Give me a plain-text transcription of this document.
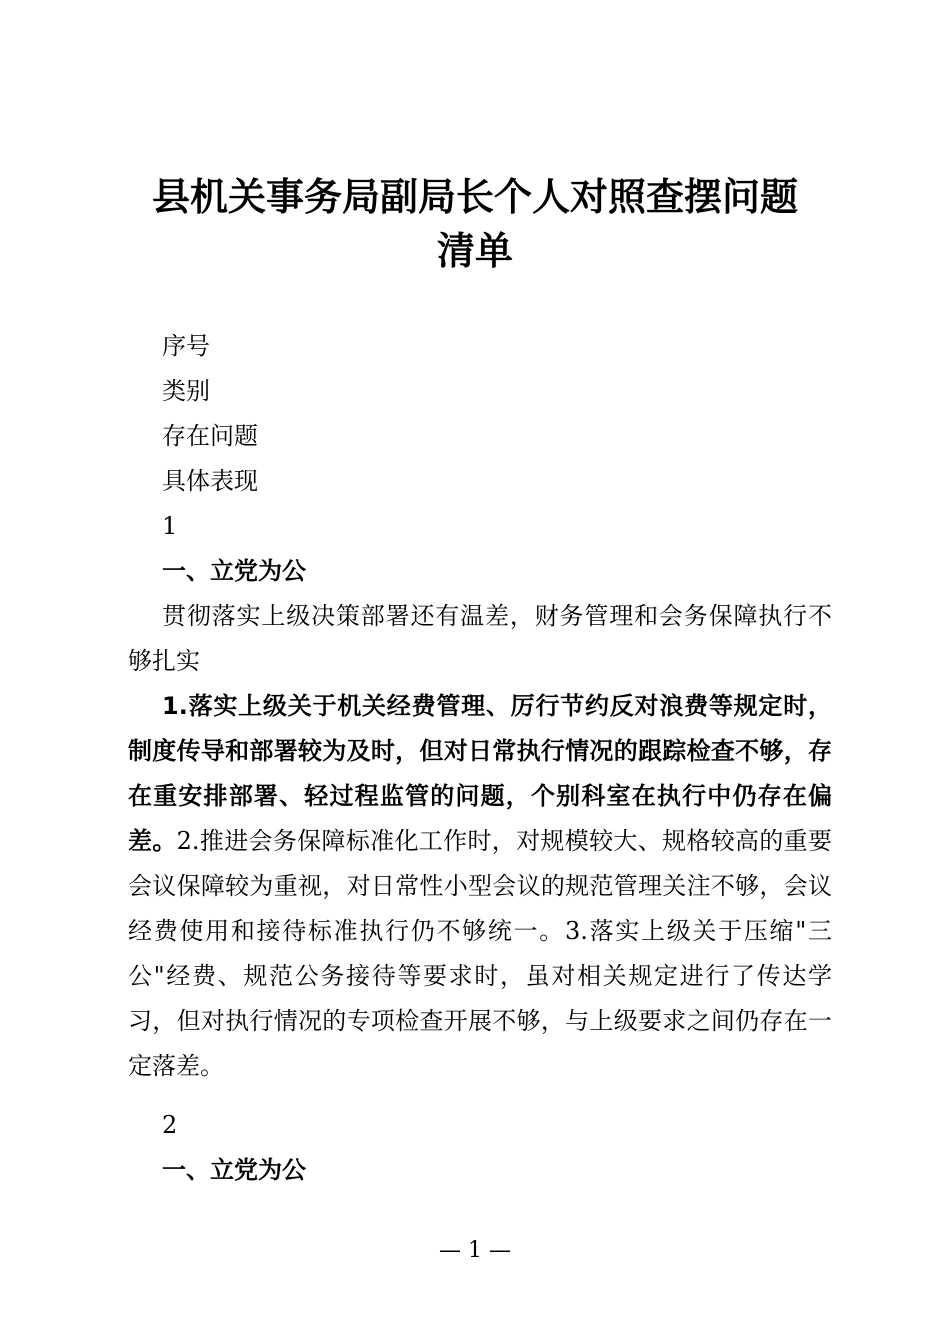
县机关事务局副局长个人对照查摆问题
清单

序号

类别

存在问题

具体表现

1

一、立党为公

贯彻落实上级决策部署还有温差，财务管理和会务保障执行不够扎实

1.落实上级关于机关经费管理、厉行节约反对浪费等规定时，制度传导和部署较为及时，但对日常执行情况的跟踪检查不够，存在重安排部署、轻过程监管的问题，个别科室在执行中仍存在偏差。2.推进会务保障标准化工作时，对规模较大、规格较高的重要会议保障较为重视，对日常性小型会议的规范管理关注不够，会议经费使用和接待标准执行仍不够统一。3.落实上级关于压缩"三公"经费、规范公务接待等要求时，虽对相关规定进行了传达学习，但对执行情况的专项检查开展不够，与上级要求之间仍存在一定落差。

2

一、立党为公

— 1 —
